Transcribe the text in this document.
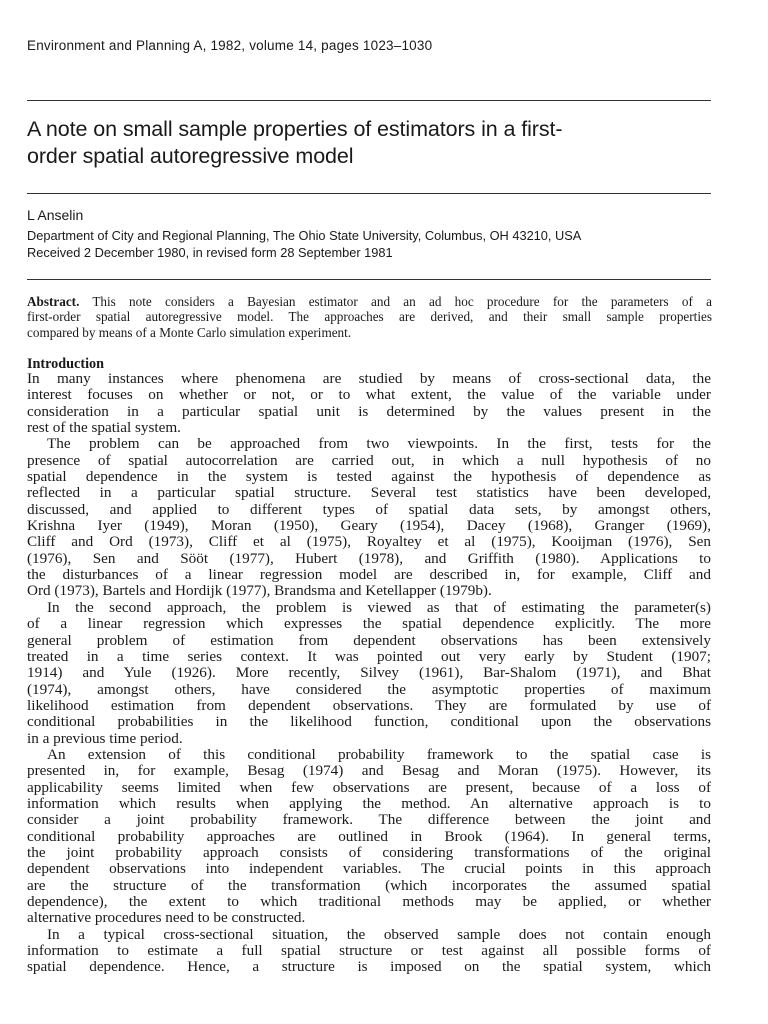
Environment and Planning A, 1982, volume 14, pages 1023–1030
A note on small sample properties of estimators in a first-
order spatial autoregressive model
L Anselin
Department of City and Regional Planning, The Ohio State University, Columbus, OH 43210, USA
Received 2 December 1980, in revised form 28 September 1981
Abstract. This note considers a Bayesian estimator and an ad hoc procedure for the parameters of a
first-order spatial autoregressive model. The approaches are derived, and their small sample properties
compared by means of a Monte Carlo simulation experiment.
Introduction
In many instances where phenomena are studied by means of cross-sectional data, the
interest focuses on whether or not, or to what extent, the value of the variable under
consideration in a particular spatial unit is determined by the values present in the
rest of the spatial system.
The problem can be approached from two viewpoints. In the first, tests for the
presence of spatial autocorrelation are carried out, in which a null hypothesis of no
spatial dependence in the system is tested against the hypothesis of dependence as
reflected in a particular spatial structure. Several test statistics have been developed,
discussed, and applied to different types of spatial data sets, by amongst others,
Krishna Iyer (1949), Moran (1950), Geary (1954), Dacey (1968), Granger (1969),
Cliff and Ord (1973), Cliff et al (1975), Royaltey et al (1975), Kooijman (1976), Sen
(1976), Sen and Sööt (1977), Hubert (1978), and Griffith (1980). Applications to
the disturbances of a linear regression model are described in, for example, Cliff and
Ord (1973), Bartels and Hordijk (1977), Brandsma and Ketellapper (1979b).
In the second approach, the problem is viewed as that of estimating the parameter(s)
of a linear regression which expresses the spatial dependence explicitly. The more
general problem of estimation from dependent observations has been extensively
treated in a time series context. It was pointed out very early by Student (1907;
1914) and Yule (1926). More recently, Silvey (1961), Bar-Shalom (1971), and Bhat
(1974), amongst others, have considered the asymptotic properties of maximum
likelihood estimation from dependent observations. They are formulated by use of
conditional probabilities in the likelihood function, conditional upon the observations
in a previous time period.
An extension of this conditional probability framework to the spatial case is
presented in, for example, Besag (1974) and Besag and Moran (1975). However, its
applicability seems limited when few observations are present, because of a loss of
information which results when applying the method. An alternative approach is to
consider a joint probability framework. The difference between the joint and
conditional probability approaches are outlined in Brook (1964). In general terms,
the joint probability approach consists of considering transformations of the original
dependent observations into independent variables. The crucial points in this approach
are the structure of the transformation (which incorporates the assumed spatial
dependence), the extent to which traditional methods may be applied, or whether
alternative procedures need to be constructed.
In a typical cross-sectional situation, the observed sample does not contain enough
information to estimate a full spatial structure or test against all possible forms of
spatial dependence. Hence, a structure is imposed on the spatial system, which
